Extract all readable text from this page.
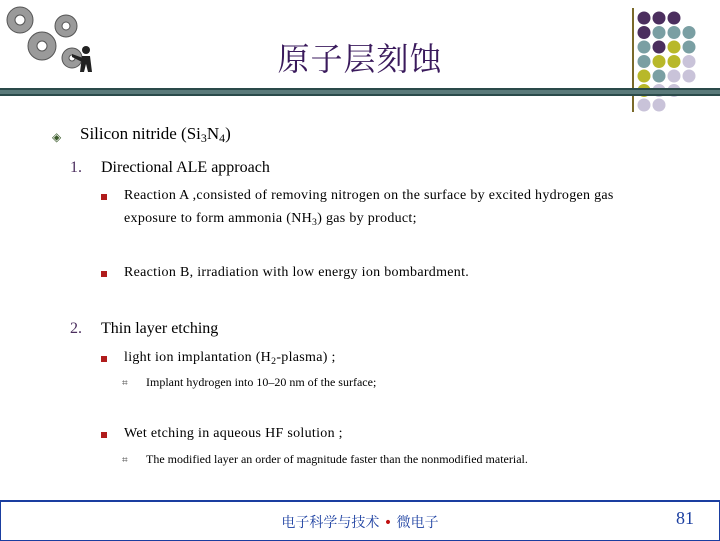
原子层刻蚀
◈ Silicon nitride $(Si_3N_4)$
1. Directional ALE approach
Reaction A ,consisted of removing nitrogen on the surface by excited hydrogen gas
exposure to form ammonia $(NH_3)$ gas by product;
Reaction B, irradiation with low energy ion bombardment.
2. Thin layer etching
light ion implantation $(H_2-plasma)$ ;
⌗ Implant hydrogen into 10–20 nm of the surface;
Wet etching in aqueous HF solution ;
⌗ The modified layer an order of magnitude faster than the nonmodified material.
电子科学与技术 • 微电子	81
